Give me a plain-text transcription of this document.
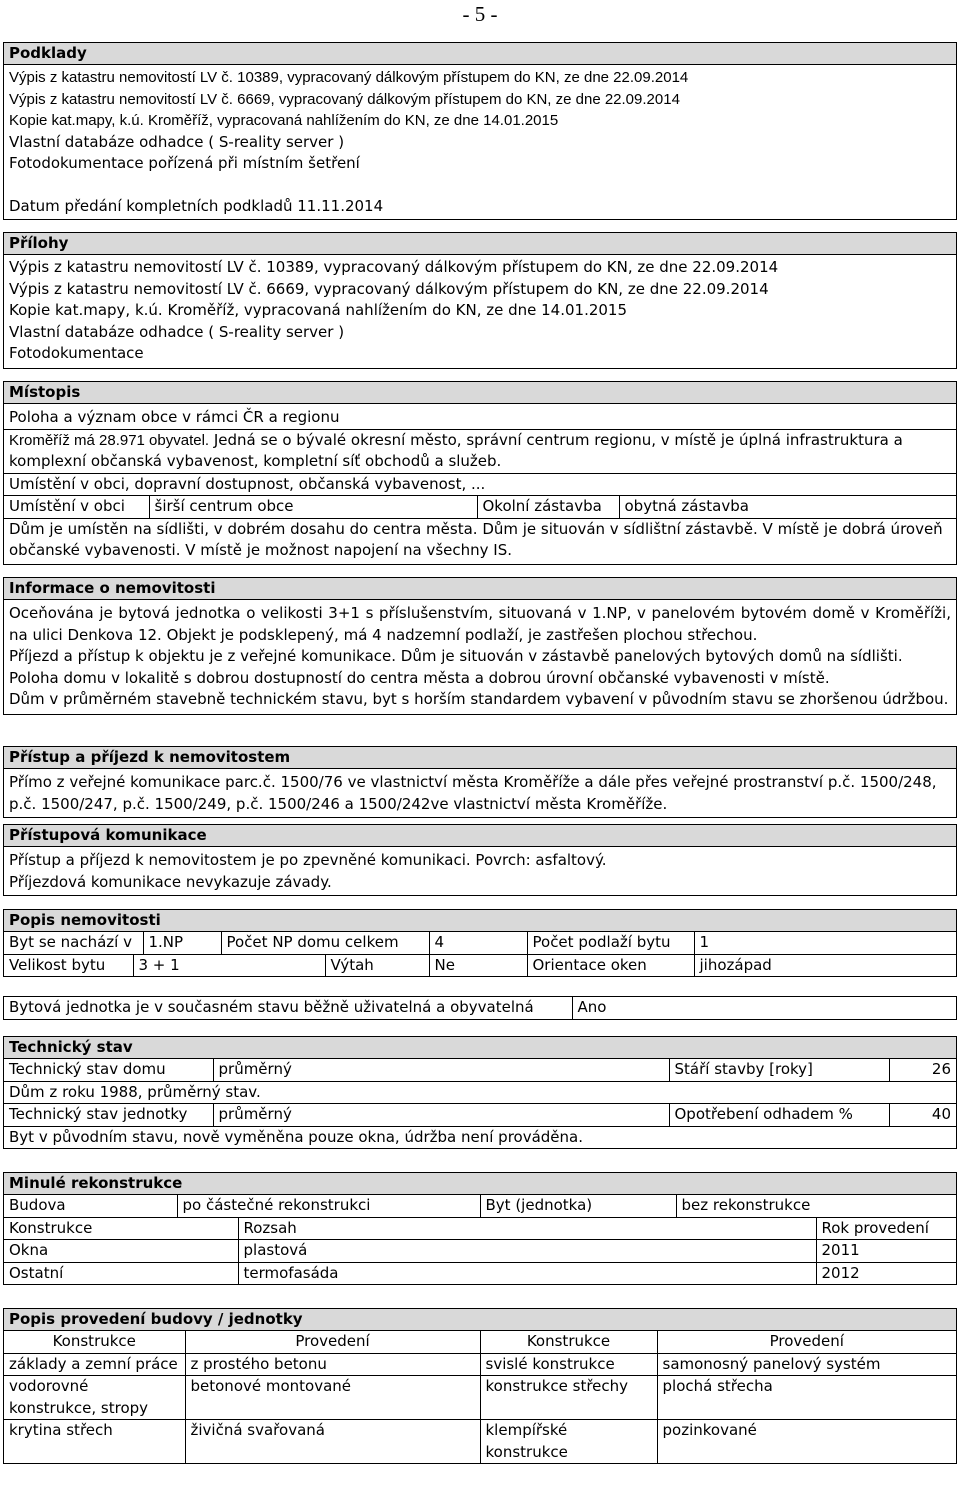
- 5 -
Podklady
Výpis z katastru nemovitostí LV č. 10389, vypracovaný dálkovým přístupem do KN, ze dne 22.09.2014
Výpis z katastru nemovitostí LV č. 6669, vypracovaný dálkovým přístupem do KN, ze dne 22.09.2014
Kopie kat.mapy, k.ú. Kroměříž, vypracovaná nahlížením do KN, ze dne 14.01.2015
Vlastní databáze odhadce ( S-reality server )
Fotodokumentace pořízená při místním šetření
Datum předání kompletních podkladů 11.11.2014
Přílohy
Výpis z katastru nemovitostí LV č. 10389, vypracovaný dálkovým přístupem do KN, ze dne 22.09.2014
Výpis z katastru nemovitostí LV č. 6669, vypracovaný dálkovým přístupem do KN, ze dne 22.09.2014
Kopie kat.mapy, k.ú. Kroměříž, vypracovaná nahlížením do KN, ze dne 14.01.2015
Vlastní databáze odhadce ( S-reality server )
Fotodokumentace
Místopis
Poloha a význam obce v rámci ČR a regionu
Kroměříž má 28.971 obyvatel. Jedná se o bývalé okresní město, správní centrum regionu, v místě je úplná infrastruktura a komplexní občanská vybavenost, kompletní síť obchodů a služeb.
Umístění v obci, dopravní dostupnost, občanská vybavenost, ...
Umístění v obci	širší centrum obce	Okolní zástavba	obytná zástavba
Dům je umístěn na sídlišti, v dobrém dosahu do centra města. Dům je situován v sídlištní zástavbě. V místě je dobrá úroveň občanské vybavenosti. V místě je možnost napojení na všechny IS.
Informace o nemovitosti
Oceňována je bytová jednotka o velikosti 3+1 s příslušenstvím, situovaná v 1.NP, v panelovém bytovém domě v Kroměříži, na ulici Denkova 12. Objekt je podsklepený, má 4 nadzemní podlaží, je zastřešen plochou střechou.
Příjezd a přístup k objektu je z veřejné komunikace. Dům je situován v zástavbě panelových bytových domů na sídlišti.
Poloha domu v lokalitě s dobrou dostupností do centra města a dobrou úrovní občanské vybavenosti v místě.
Dům v průměrném stavebně technickém stavu, byt s horším standardem vybavení v původním stavu se zhoršenou údržbou.
Přístup a příjezd k nemovitostem
Přímo z veřejné komunikace parc.č. 1500/76 ve vlastnictví města Kroměříže a dále přes veřejné prostranství p.č. 1500/248, p.č. 1500/247, p.č. 1500/249, p.č. 1500/246 a 1500/242ve vlastnictví města Kroměříže.
Přístupová komunikace
Přístup a příjezd k nemovitostem je po zpevněné komunikaci. Povrch: asfaltový.
Příjezdová komunikace nevykazuje závady.
Popis nemovitosti
Byt se nachází v	1.NP	Počet NP domu celkem	4	Počet podlaží bytu	1
Velikost bytu	3 + 1	Výtah	Ne	Orientace oken	jihozápad
Bytová jednotka je v současném stavu běžně uživatelná a obyvatelná	Ano
Technický stav
Technický stav domu	průměrný	Stáří stavby [roky]	26
Dům z roku 1988, průměrný stav.
Technický stav jednotky	průměrný	Opotřebení odhadem %	40
Byt v původním stavu, nově vyměněna pouze okna, údržba není prováděna.
Minulé rekonstrukce
Budova	po částečné rekonstrukci	Byt (jednotka)	bez rekonstrukce
Konstrukce	Rozsah	Rok provedení
Okna	plastová	2011
Ostatní	termofasáda	2012
Popis provedení budovy / jednotky
Konstrukce	Provedení	Konstrukce	Provedení
základy a zemní práce	z prostého betonu	svislé konstrukce	samonosný panelový systém
vodorovné konstrukce, stropy	betonové montované	konstrukce střechy	plochá střecha
krytina střech	živičná svařovaná	klempířské konstrukce	pozinkované
